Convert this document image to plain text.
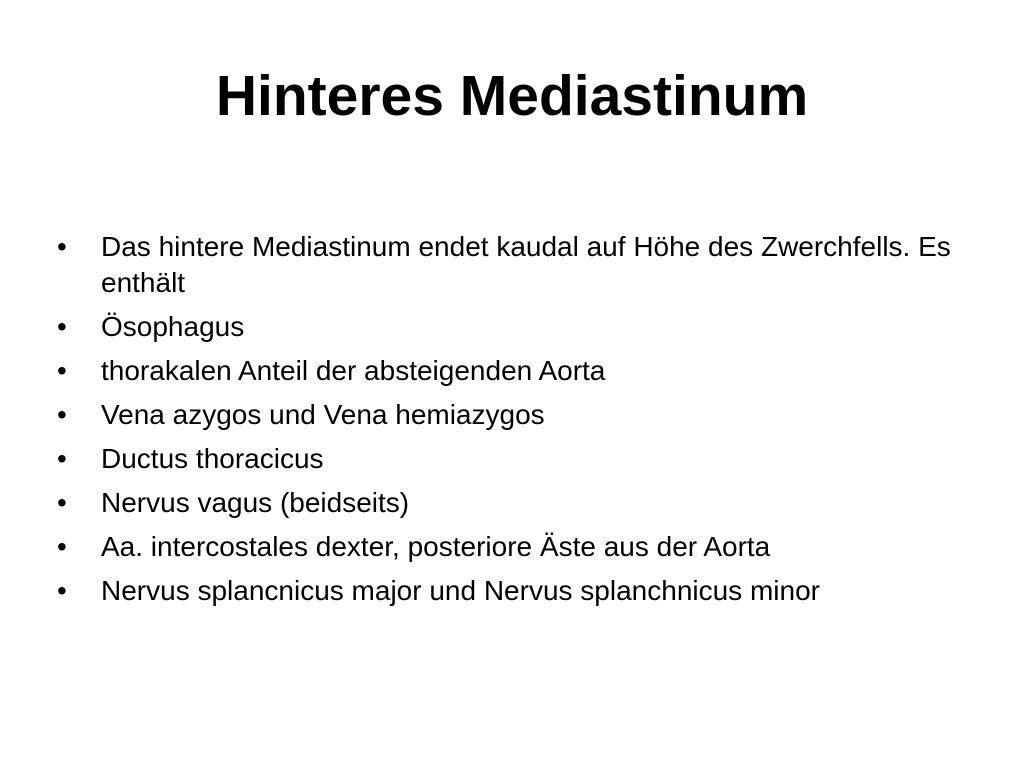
Hinteres Mediastinum
•	Das hintere Mediastinum endet kaudal auf Höhe des Zwerchfells. Es enthält
•	Ösophagus
•	thorakalen Anteil der absteigenden Aorta
•	Vena azygos und Vena hemiazygos
•	Ductus thoracicus
•	Nervus vagus (beidseits)
•	Aa. intercostales dexter, posteriore Äste aus der Aorta
•	Nervus splancnicus major und Nervus splanchnicus minor
